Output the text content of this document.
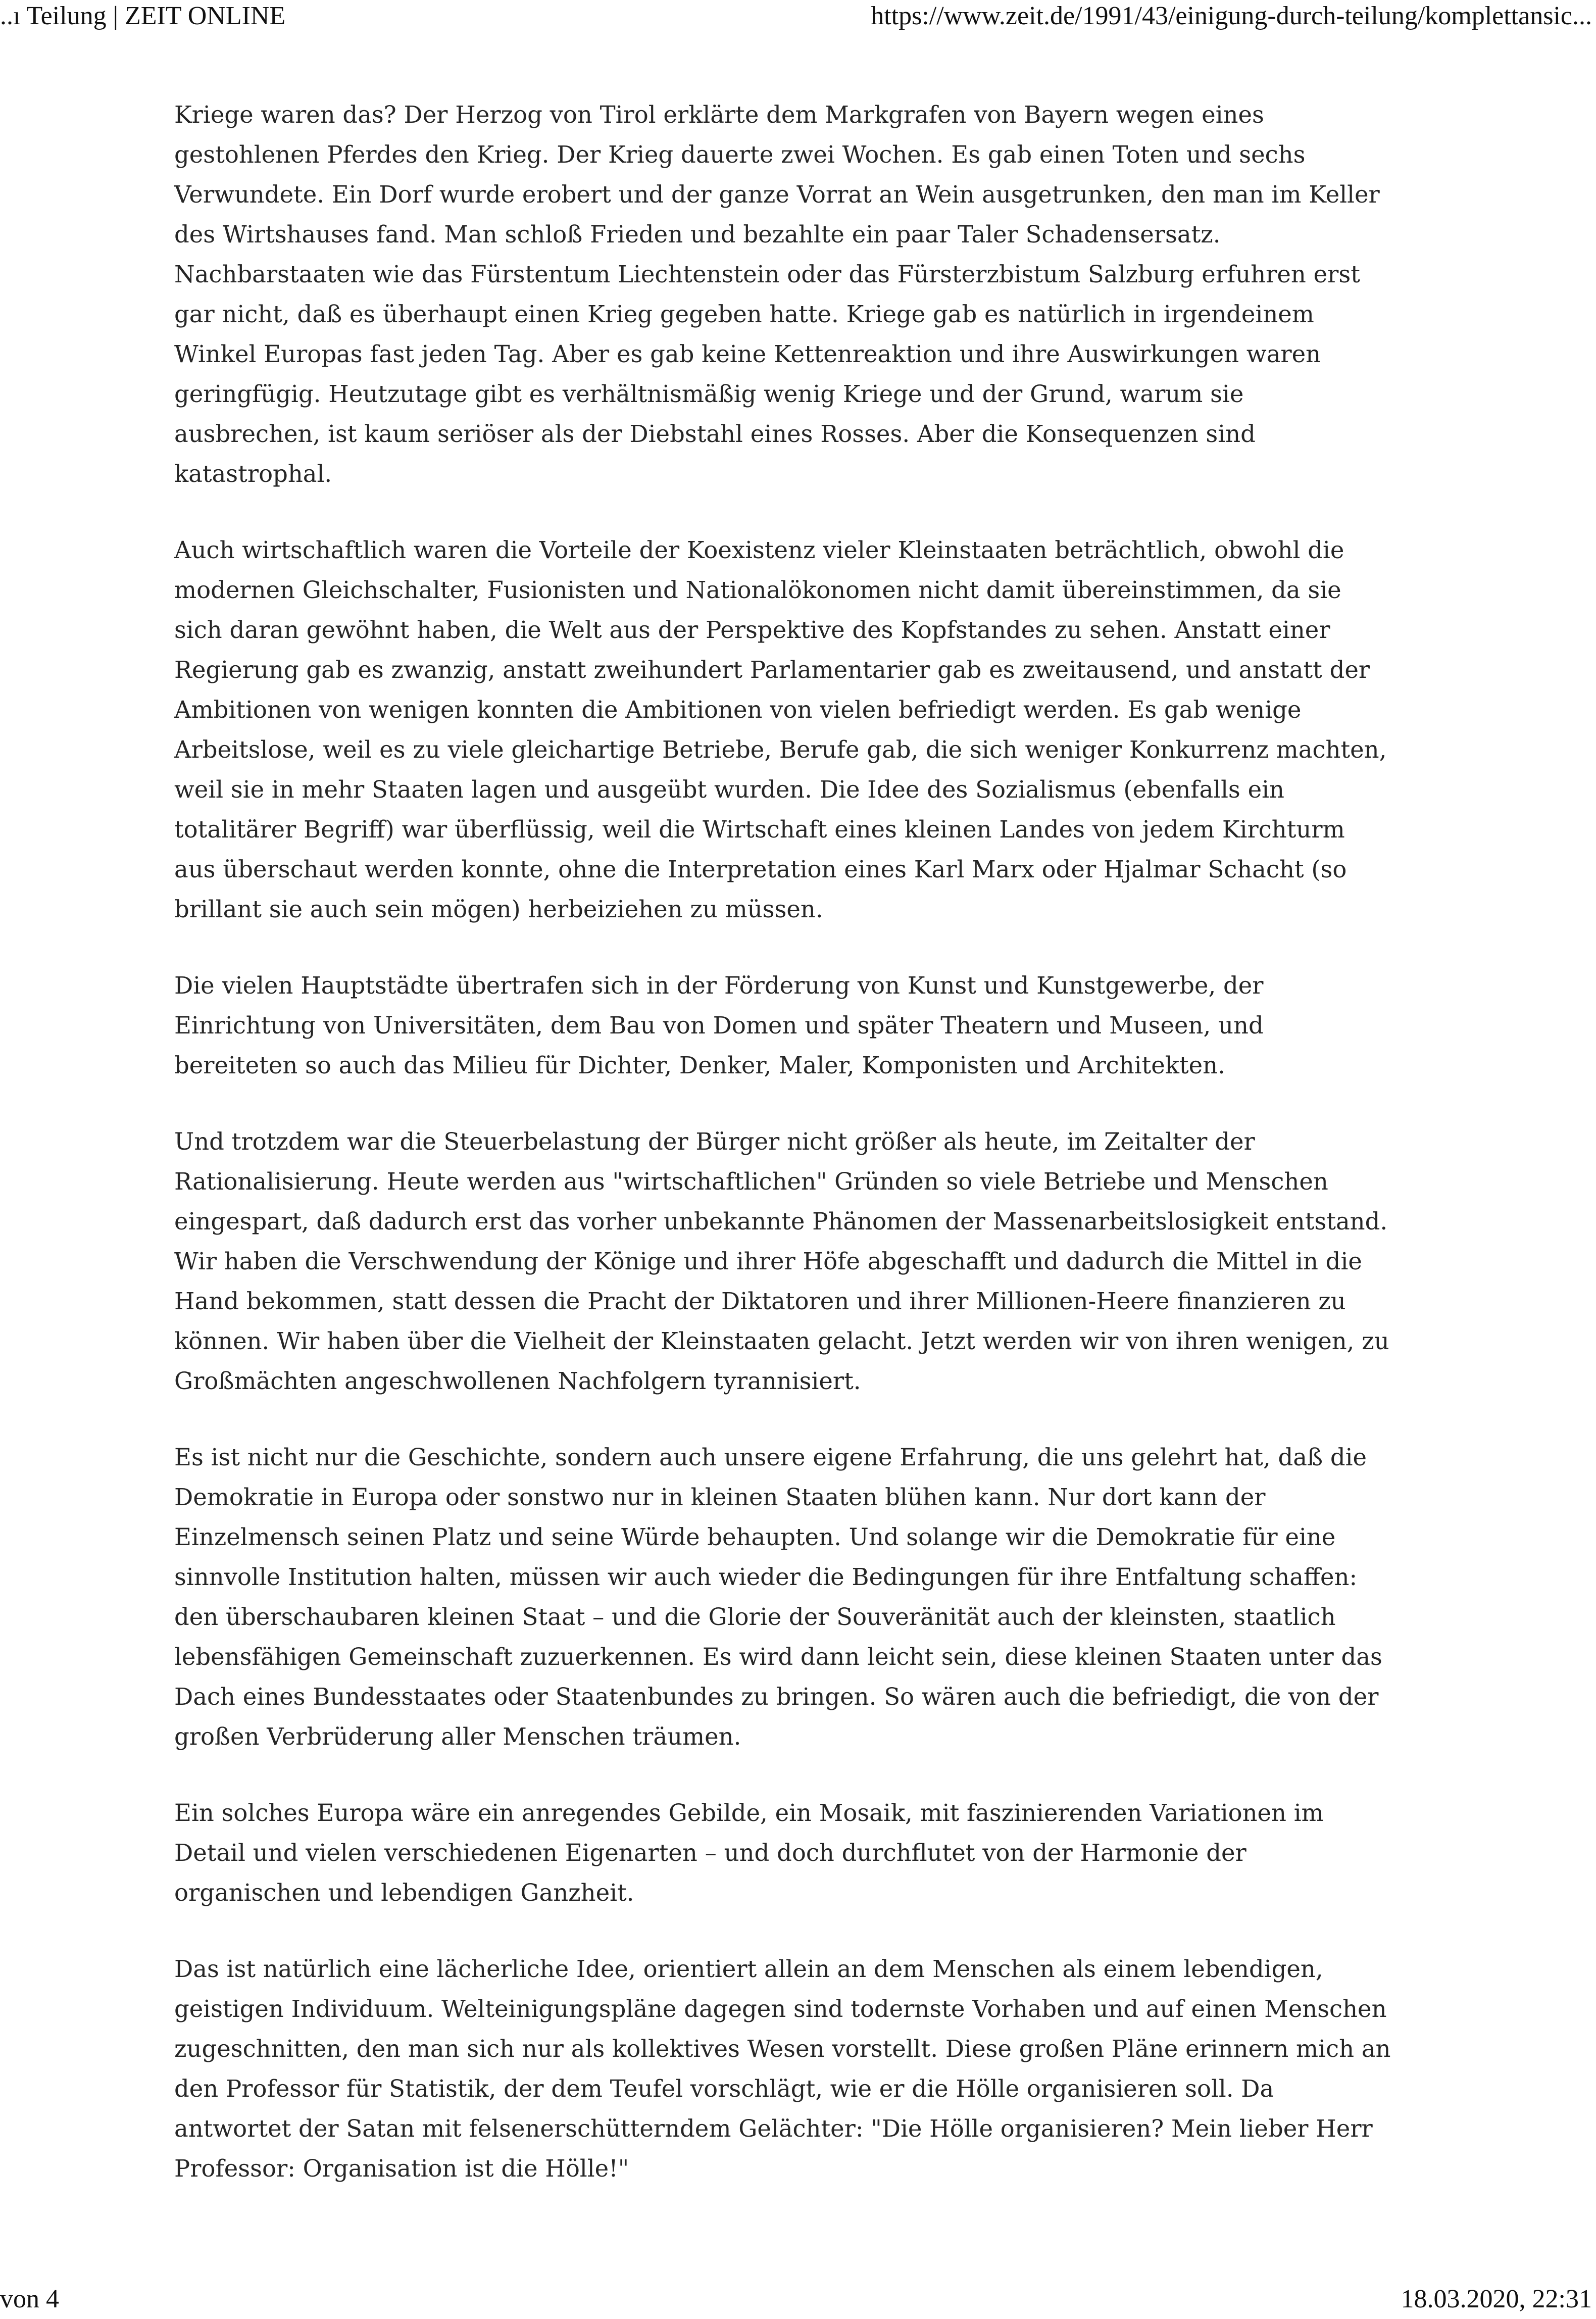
..ı Teilung | ZEIT ONLINE	https://www.zeit.de/1991/43/einigung-durch-teilung/komplettansic...

Kriege waren das? Der Herzog von Tirol erklärte dem Markgrafen von Bayern wegen eines gestohlenen Pferdes den Krieg. Der Krieg dauerte zwei Wochen. Es gab einen Toten und sechs Verwundete. Ein Dorf wurde erobert und der ganze Vorrat an Wein ausgetrunken, den man im Keller des Wirtshauses fand. Man schloß Frieden und bezahlte ein paar Taler Schadensersatz. Nachbarstaaten wie das Fürstentum Liechtenstein oder das Fürsterzbistum Salzburg erfuhren erst gar nicht, daß es überhaupt einen Krieg gegeben hatte. Kriege gab es natürlich in irgendeinem Winkel Europas fast jeden Tag. Aber es gab keine Kettenreaktion und ihre Auswirkungen waren geringfügig. Heutzutage gibt es verhältnismäßig wenig Kriege und der Grund, warum sie ausbrechen, ist kaum seriöser als der Diebstahl eines Rosses. Aber die Konsequenzen sind katastrophal.

Auch wirtschaftlich waren die Vorteile der Koexistenz vieler Kleinstaaten beträchtlich, obwohl die modernen Gleichschalter, Fusionisten und Nationalökonomen nicht damit übereinstimmen, da sie sich daran gewöhnt haben, die Welt aus der Perspektive des Kopfstandes zu sehen. Anstatt einer Regierung gab es zwanzig, anstatt zweihundert Parlamentarier gab es zweitausend, und anstatt der Ambitionen von wenigen konnten die Ambitionen von vielen befriedigt werden. Es gab wenige Arbeitslose, weil es zu viele gleichartige Betriebe, Berufe gab, die sich weniger Konkurrenz machten, weil sie in mehr Staaten lagen und ausgeübt wurden. Die Idee des Sozialismus (ebenfalls ein totalitärer Begriff) war überflüssig, weil die Wirtschaft eines kleinen Landes von jedem Kirchturm aus überschaut werden konnte, ohne die Interpretation eines Karl Marx oder Hjalmar Schacht (so brillant sie auch sein mögen) herbeiziehen zu müssen.

Die vielen Hauptstädte übertrafen sich in der Förderung von Kunst und Kunstgewerbe, der Einrichtung von Universitäten, dem Bau von Domen und später Theatern und Museen, und bereiteten so auch das Milieu für Dichter, Denker, Maler, Komponisten und Architekten.

Und trotzdem war die Steuerbelastung der Bürger nicht größer als heute, im Zeitalter der Rationalisierung. Heute werden aus "wirtschaftlichen" Gründen so viele Betriebe und Menschen eingespart, daß dadurch erst das vorher unbekannte Phänomen der Massenarbeitslosigkeit entstand. Wir haben die Verschwendung der Könige und ihrer Höfe abgeschafft und dadurch die Mittel in die Hand bekommen, statt dessen die Pracht der Diktatoren und ihrer Millionen-Heere finanzieren zu können. Wir haben über die Vielheit der Kleinstaaten gelacht. Jetzt werden wir von ihren wenigen, zu Großmächten angeschwollenen Nachfolgern tyrannisiert.

Es ist nicht nur die Geschichte, sondern auch unsere eigene Erfahrung, die uns gelehrt hat, daß die Demokratie in Europa oder sonstwo nur in kleinen Staaten blühen kann. Nur dort kann der Einzelmensch seinen Platz und seine Würde behaupten. Und solange wir die Demokratie für eine sinnvolle Institution halten, müssen wir auch wieder die Bedingungen für ihre Entfaltung schaffen: den überschaubaren kleinen Staat – und die Glorie der Souveränität auch der kleinsten, staatlich lebensfähigen Gemeinschaft zuzuerkennen. Es wird dann leicht sein, diese kleinen Staaten unter das Dach eines Bundesstaates oder Staatenbundes zu bringen. So wären auch die befriedigt, die von der großen Verbrüderung aller Menschen träumen.

Ein solches Europa wäre ein anregendes Gebilde, ein Mosaik, mit faszinierenden Variationen im Detail und vielen verschiedenen Eigenarten – und doch durchflutet von der Harmonie der organischen und lebendigen Ganzheit.

Das ist natürlich eine lächerliche Idee, orientiert allein an dem Menschen als einem lebendigen, geistigen Individuum. Welteinigungspläne dagegen sind todernste Vorhaben und auf einen Menschen zugeschnitten, den man sich nur als kollektives Wesen vorstellt. Diese großen Pläne erinnern mich an den Professor für Statistik, der dem Teufel vorschlägt, wie er die Hölle organisieren soll. Da antwortet der Satan mit felsenerschütterndem Gelächter: "Die Hölle organisieren? Mein lieber Herr Professor: Organisation ist die Hölle!"

von 4	18.03.2020, 22:31
